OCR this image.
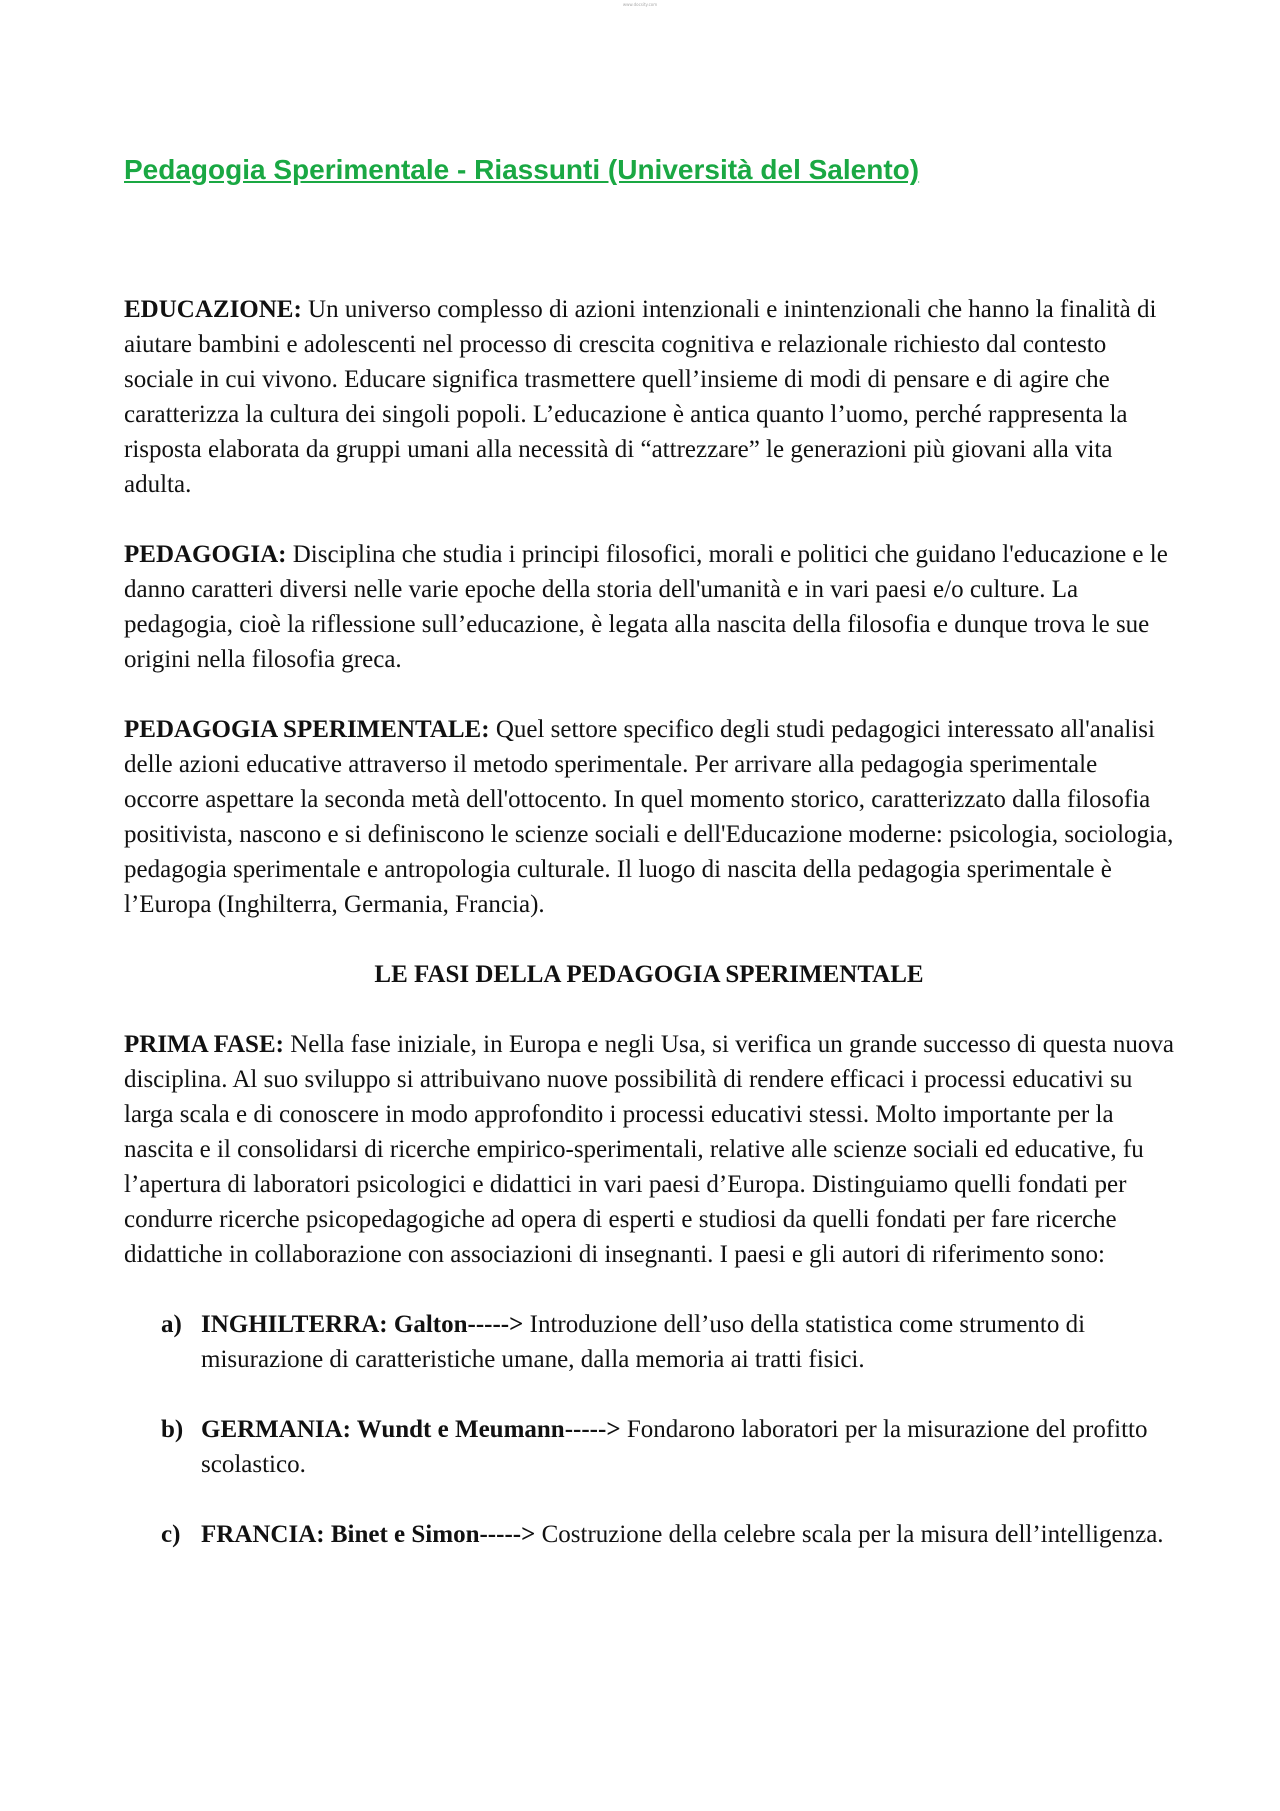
www.docsity.com
Pedagogia Sperimentale - Riassunti (Università del Salento)

EDUCAZIONE: Un universo complesso di azioni intenzionali e inintenzionali che hanno la finalità di aiutare bambini e adolescenti nel processo di crescita cognitiva e relazionale richiesto dal contesto sociale in cui vivono. Educare significa trasmettere quell’insieme di modi di pensare e di agire che caratterizza la cultura dei singoli popoli. L’educazione è antica quanto l’uomo, perché rappresenta la risposta elaborata da gruppi umani alla necessità di “attrezzare” le generazioni più giovani alla vita adulta.

PEDAGOGIA: Disciplina che studia i principi filosofici, morali e politici che guidano l'educazione e le danno caratteri diversi nelle varie epoche della storia dell'umanità e in vari paesi e/o culture. La pedagogia, cioè la riflessione sull’educazione, è legata alla nascita della filosofia e dunque trova le sue origini nella filosofia greca.

PEDAGOGIA SPERIMENTALE: Quel settore specifico degli studi pedagogici interessato all'analisi delle azioni educative attraverso il metodo sperimentale. Per arrivare alla pedagogia sperimentale occorre aspettare la seconda metà dell'ottocento. In quel momento storico, caratterizzato dalla filosofia positivista, nascono e si definiscono le scienze sociali e dell'Educazione moderne: psicologia, sociologia, pedagogia sperimentale e antropologia culturale. Il luogo di nascita della pedagogia sperimentale è l’Europa (Inghilterra, Germania, Francia).

LE FASI DELLA PEDAGOGIA SPERIMENTALE

PRIMA FASE: Nella fase iniziale, in Europa e negli Usa, si verifica un grande successo di questa nuova disciplina. Al suo sviluppo si attribuivano nuove possibilità di rendere efficaci i processi educativi su larga scala e di conoscere in modo approfondito i processi educativi stessi. Molto importante per la nascita e il consolidarsi di ricerche empirico-sperimentali, relative alle scienze sociali ed educative, fu l’apertura di laboratori psicologici e didattici in vari paesi d’Europa. Distinguiamo quelli fondati per condurre ricerche psicopedagogiche ad opera di esperti e studiosi da quelli fondati per fare ricerche didattiche in collaborazione con associazioni di insegnanti. I paesi e gli autori di riferimento sono:

a) INGHILTERRA: Galton-----> Introduzione dell’uso della statistica come strumento di misurazione di caratteristiche umane, dalla memoria ai tratti fisici.
b) GERMANIA: Wundt e Meumann-----> Fondarono laboratori per la misurazione del profitto scolastico.
c) FRANCIA: Binet e Simon-----> Costruzione della celebre scala per la misura dell’intelligenza.
